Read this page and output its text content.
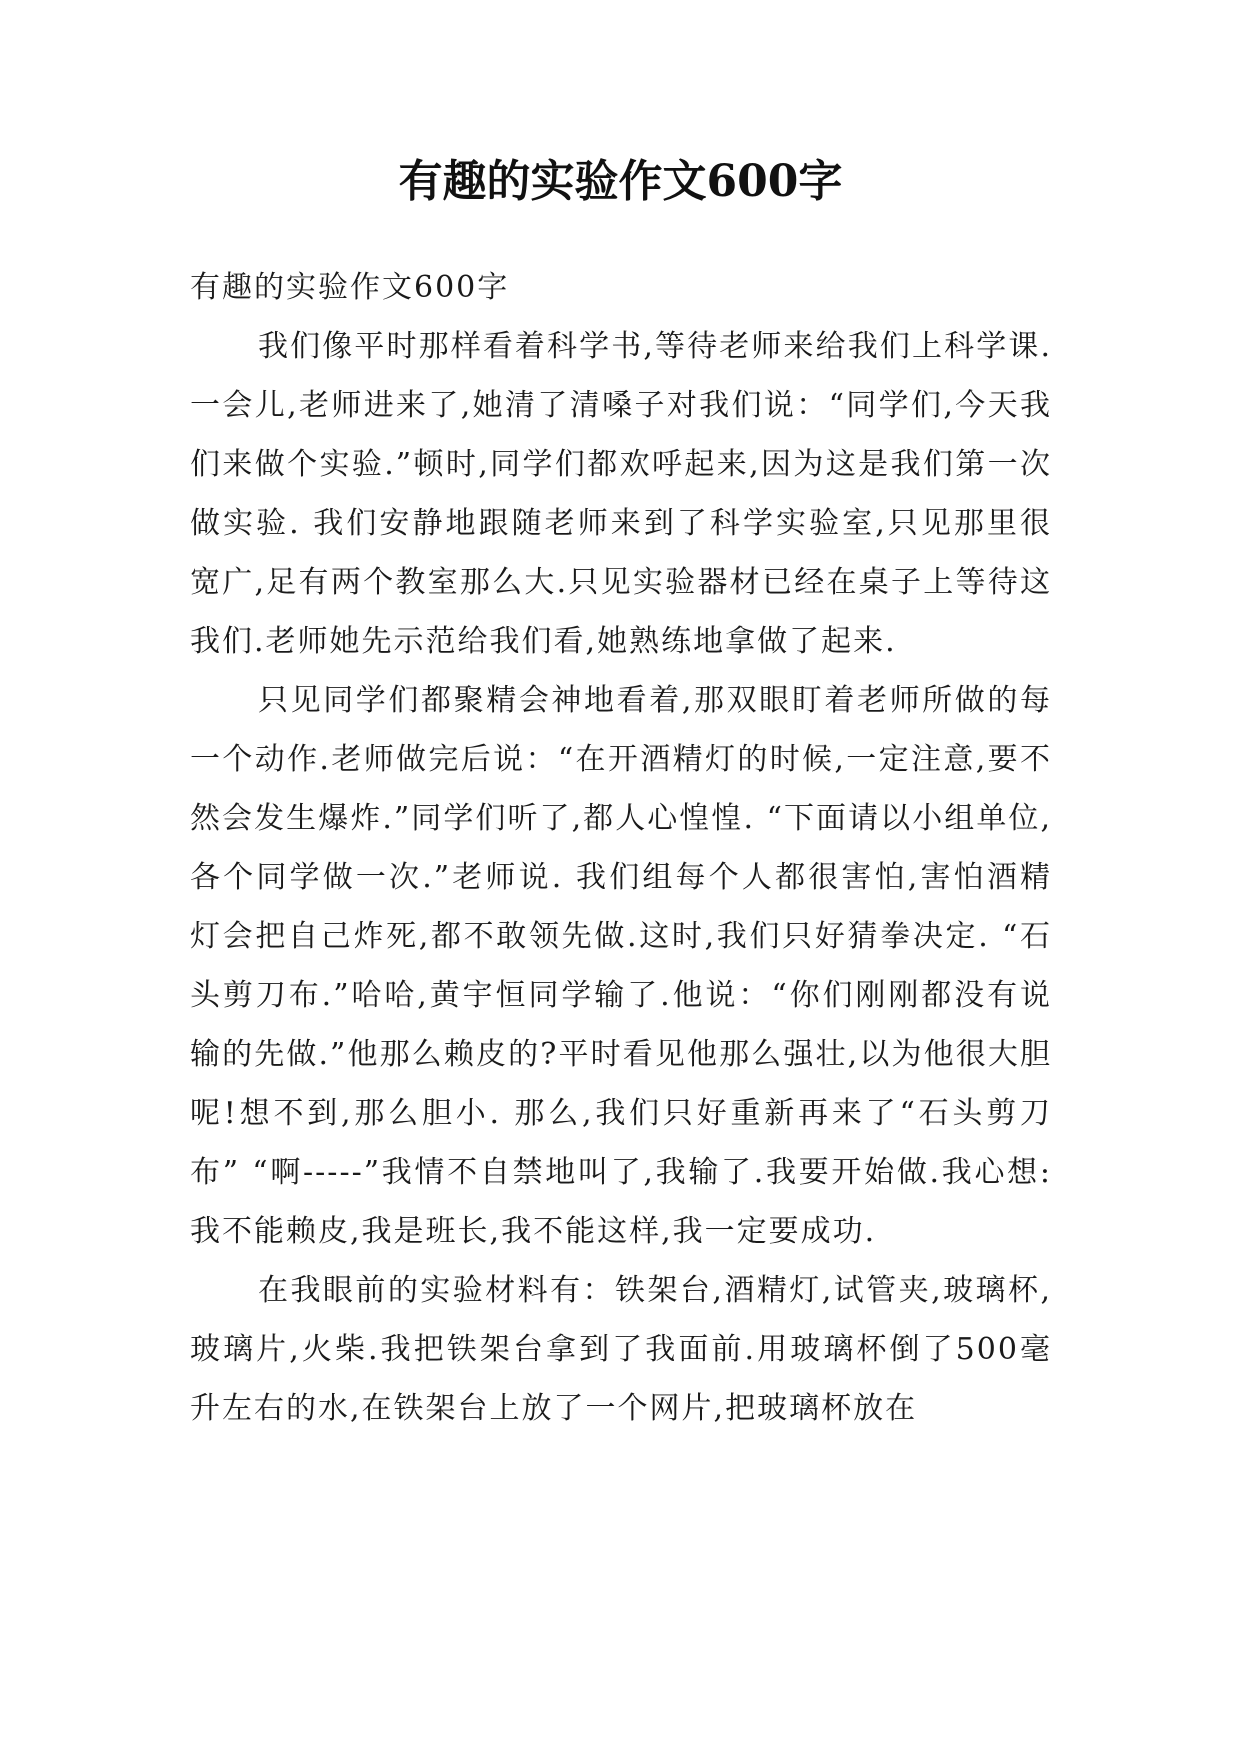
有趣的实验作文600字

有趣的实验作文600字

我们像平时那样看着科学书,等待老师来给我们上科学课.一会儿,老师进来了,她清了清嗓子对我们说：“同学们,今天我们来做个实验.”顿时,同学们都欢呼起来,因为这是我们第一次做实验. 我们安静地跟随老师来到了科学实验室,只见那里很宽广,足有两个教室那么大.只见实验器材已经在桌子上等待这我们.老师她先示范给我们看,她熟练地拿做了起来.

只见同学们都聚精会神地看着,那双眼盯着老师所做的每一个动作.老师做完后说：“在开酒精灯的时候,一定注意,要不然会发生爆炸.”同学们听了,都人心惶惶. “下面请以小组单位,各个同学做一次.”老师说. 我们组每个人都很害怕,害怕酒精灯会把自己炸死,都不敢领先做.这时,我们只好猜拳决定. “石头剪刀布.”哈哈,黄宇恒同学输了.他说：“你们刚刚都没有说输的先做.”他那么赖皮的?平时看见他那么强壮,以为他很大胆呢!想不到,那么胆小. 那么,我们只好重新再来了“石头剪刀布” “啊-----”我情不自禁地叫了,我输了.我要开始做.我心想:我不能赖皮,我是班长,我不能这样,我一定要成功.

在我眼前的实验材料有：铁架台,酒精灯,试管夹,玻璃杯,玻璃片,火柴.我把铁架台拿到了我面前.用玻璃杯倒了500毫升左右的水,在铁架台上放了一个网片,把玻璃杯放在
